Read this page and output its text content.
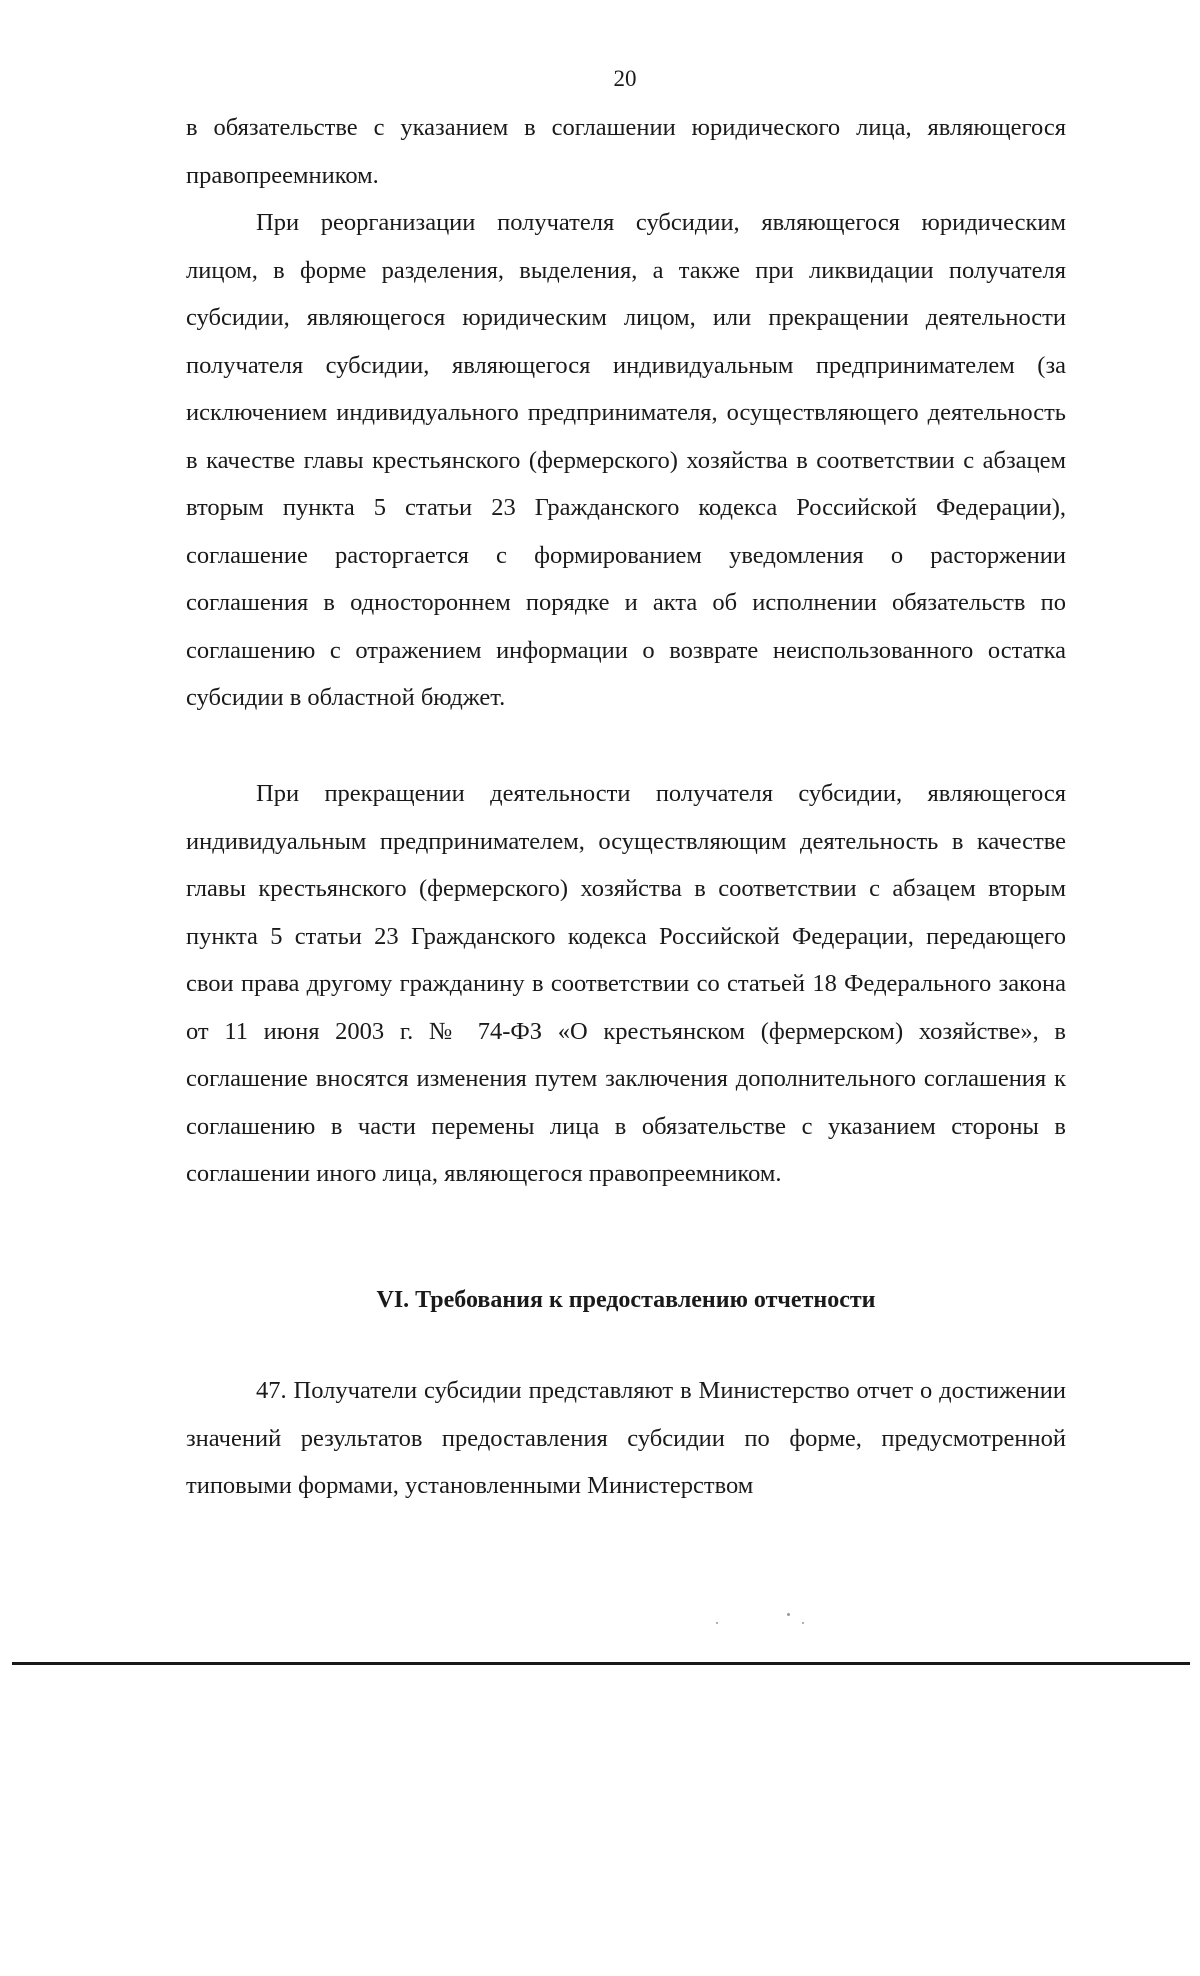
20

в обязательстве с указанием в соглашении юридического лица, являющегося правопреемником.

При реорганизации получателя субсидии, являющегося юридическим лицом, в форме разделения, выделения, а также при ликвидации получателя субсидии, являющегося юридическим лицом, или прекращении деятельности получателя субсидии, являющегося индивидуальным предпринимателем (за исключением индивидуального предпринимателя, осуществляющего деятельность в качестве главы крестьянского (фермерского) хозяйства в соответствии с абзацем вторым пункта 5 статьи 23 Гражданского кодекса Российской Федерации), соглашение расторгается с формированием уведомления о расторжении соглашения в одностороннем порядке и акта об исполнении обязательств по соглашению с отражением информации о возврате неиспользованного остатка субсидии в областной бюджет.

При прекращении деятельности получателя субсидии, являющегося индивидуальным предпринимателем, осуществляющим деятельность в качестве главы крестьянского (фермерского) хозяйства в соответствии с абзацем вторым пункта 5 статьи 23 Гражданского кодекса Российской Федерации, передающего свои права другому гражданину в соответствии со статьей 18 Федерального закона от 11 июня 2003 г. № 74-ФЗ «О крестьянском (фермерском) хозяйстве», в соглашение вносятся изменения путем заключения дополнительного соглашения к соглашению в части перемены лица в обязательстве с указанием стороны в соглашении иного лица, являющегося правопреемником.

VI. Требования к предоставлению отчетности

47. Получатели субсидии представляют в Министерство отчет о достижении значений результатов предоставления субсидии по форме, предусмотренной типовыми формами, установленными Министерством
